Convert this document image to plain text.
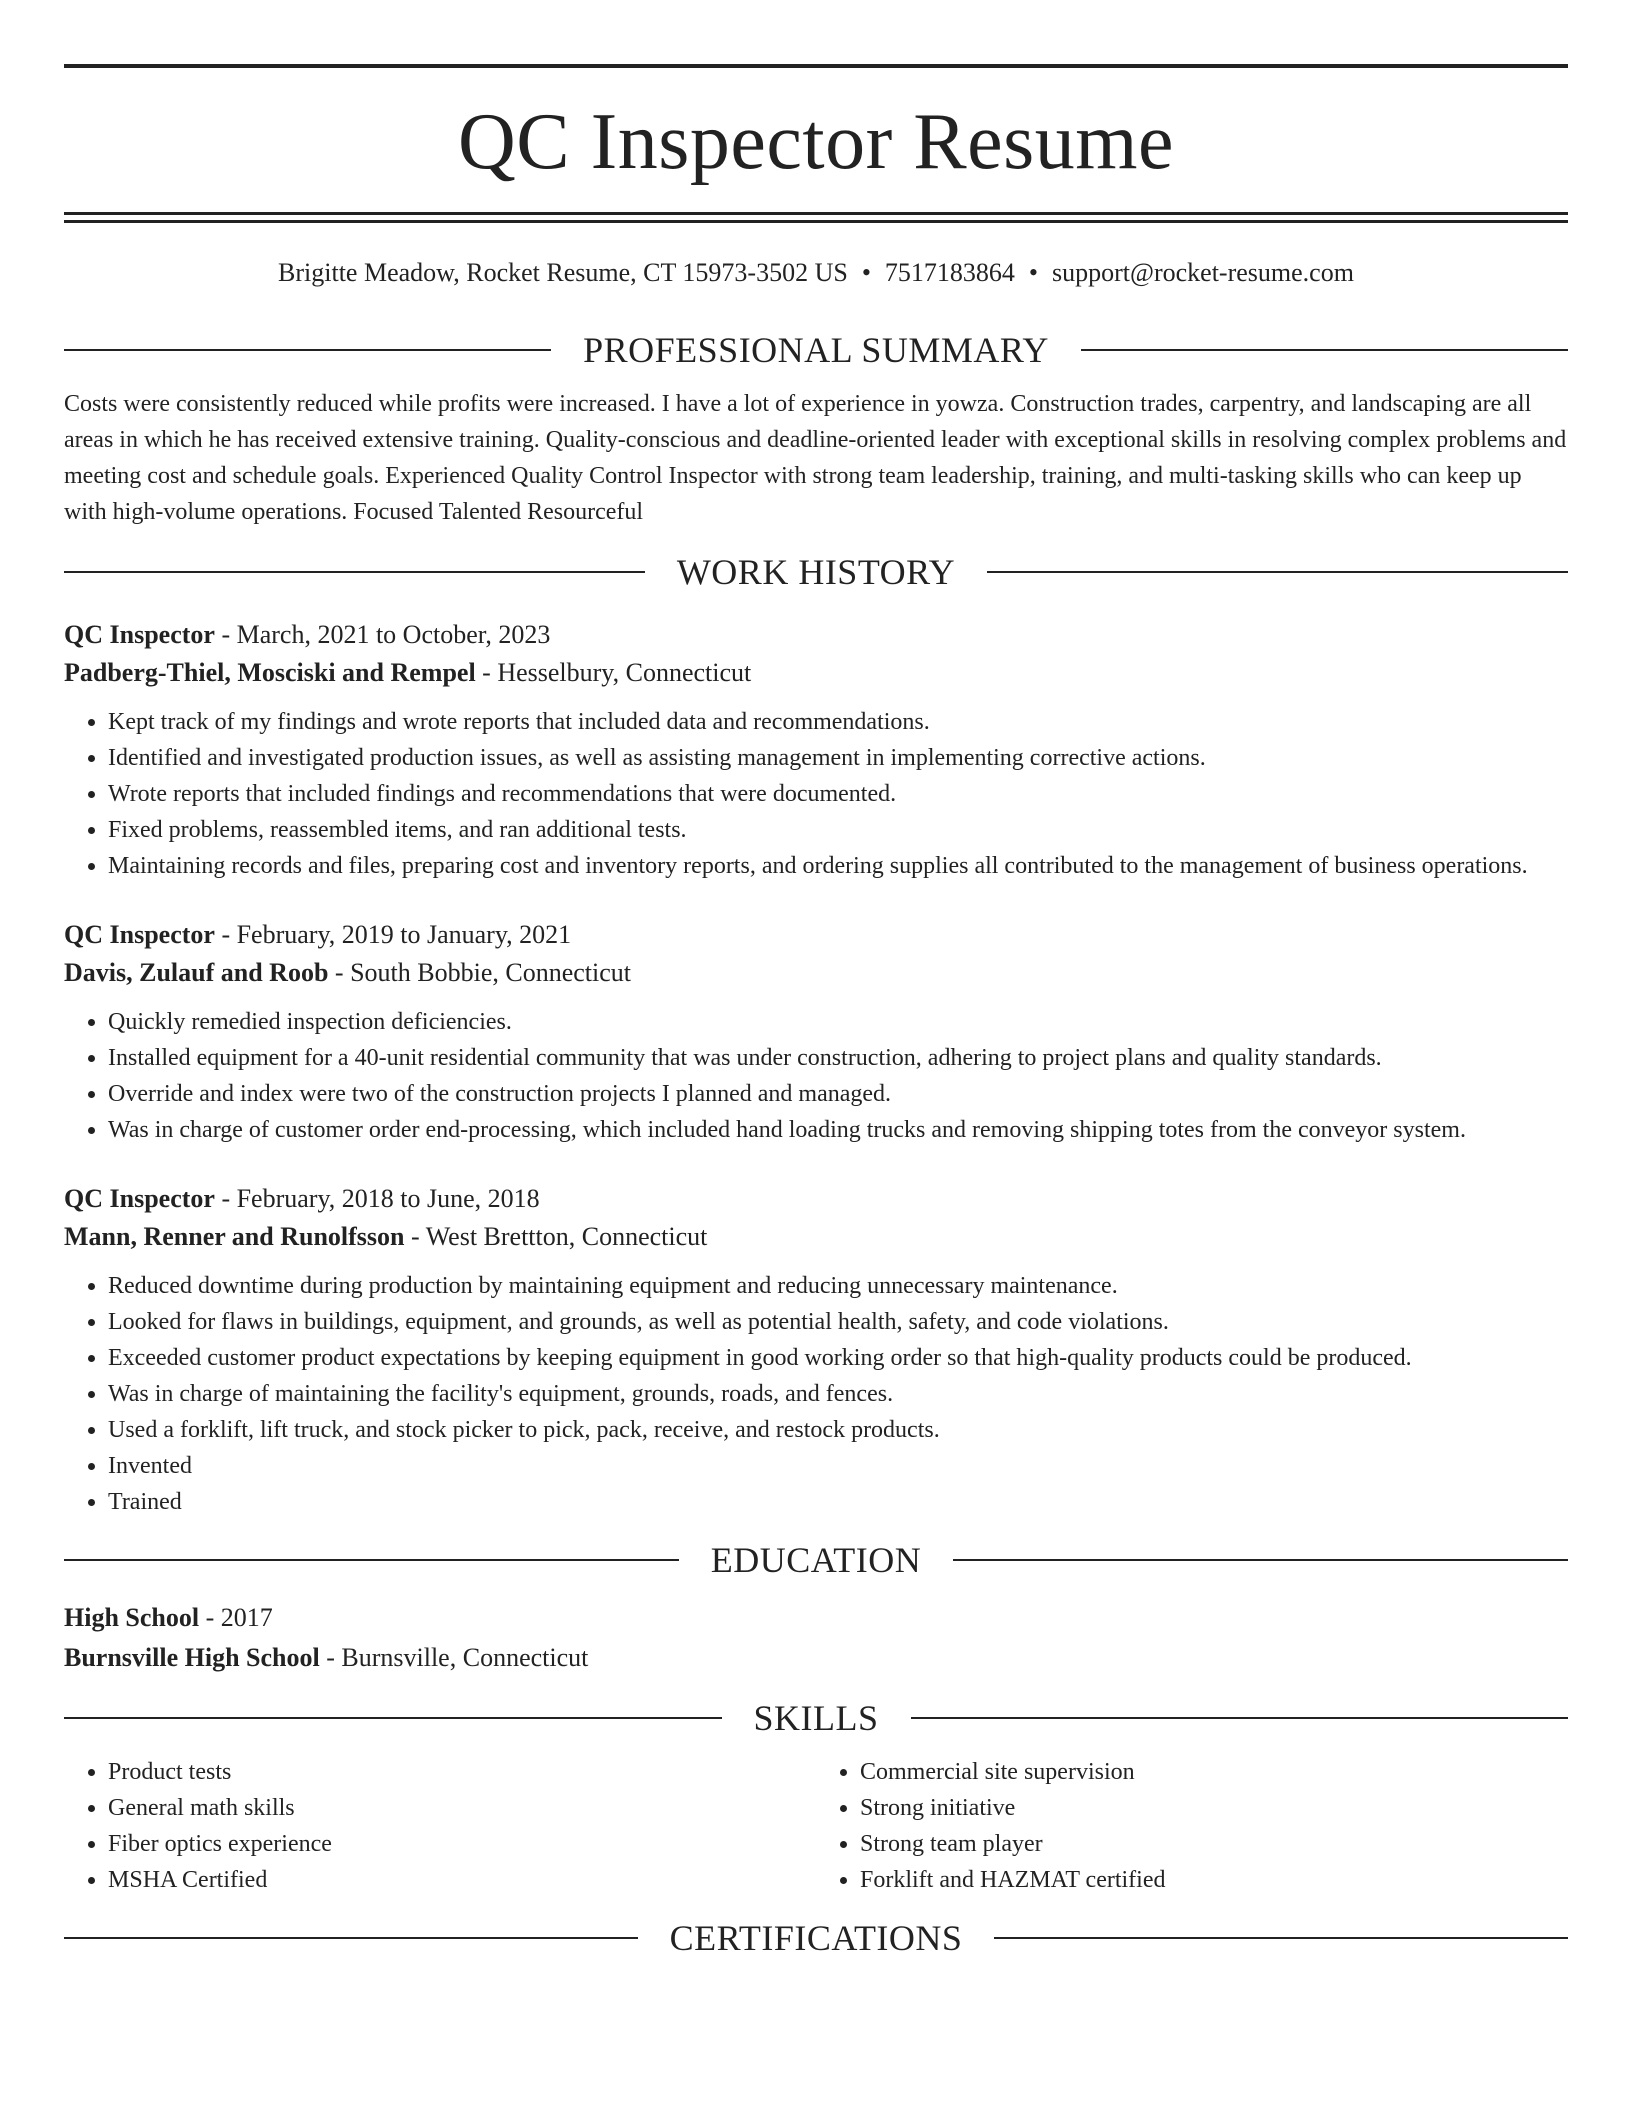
QC Inspector Resume
Brigitte Meadow, Rocket Resume, CT 15973-3502 US • 7517183864 • support@rocket-resume.com
PROFESSIONAL SUMMARY

Costs were consistently reduced while profits were increased. I have a lot of experience in yowza. Construction trades, carpentry, and landscaping are all areas in which he has received extensive training. Quality-conscious and deadline-oriented leader with exceptional skills in resolving complex problems and meeting cost and schedule goals. Experienced Quality Control Inspector with strong team leadership, training, and multi-tasking skills who can keep up with high-volume operations. Focused Talented Resourceful

WORK HISTORY
QC Inspector - March, 2021 to October, 2023
Padberg-Thiel, Mosciski and Rempel - Hesselbury, Connecticut
• Kept track of my findings and wrote reports that included data and recommendations.
• Identified and investigated production issues, as well as assisting management in implementing corrective actions.
• Wrote reports that included findings and recommendations that were documented.
• Fixed problems, reassembled items, and ran additional tests.
• Maintaining records and files, preparing cost and inventory reports, and ordering supplies all contributed to the management of business operations.
QC Inspector - February, 2019 to January, 2021
Davis, Zulauf and Roob - South Bobbie, Connecticut
• Quickly remedied inspection deficiencies.
• Installed equipment for a 40-unit residential community that was under construction, adhering to project plans and quality standards.
• Override and index were two of the construction projects I planned and managed.
• Was in charge of customer order end-processing, which included hand loading trucks and removing shipping totes from the conveyor system.
QC Inspector - February, 2018 to June, 2018
Mann, Renner and Runolfsson - West Brettton, Connecticut
• Reduced downtime during production by maintaining equipment and reducing unnecessary maintenance.
• Looked for flaws in buildings, equipment, and grounds, as well as potential health, safety, and code violations.
• Exceeded customer product expectations by keeping equipment in good working order so that high-quality products could be produced.
• Was in charge of maintaining the facility's equipment, grounds, roads, and fences.
• Used a forklift, lift truck, and stock picker to pick, pack, receive, and restock products.
• Invented
• Trained
EDUCATION
High School - 2017
Burnsville High School - Burnsville, Connecticut
SKILLS
• Product tests
• General math skills
• Fiber optics experience
• MSHA Certified
• Commercial site supervision
• Strong initiative
• Strong team player
• Forklift and HAZMAT certified
CERTIFICATIONS
